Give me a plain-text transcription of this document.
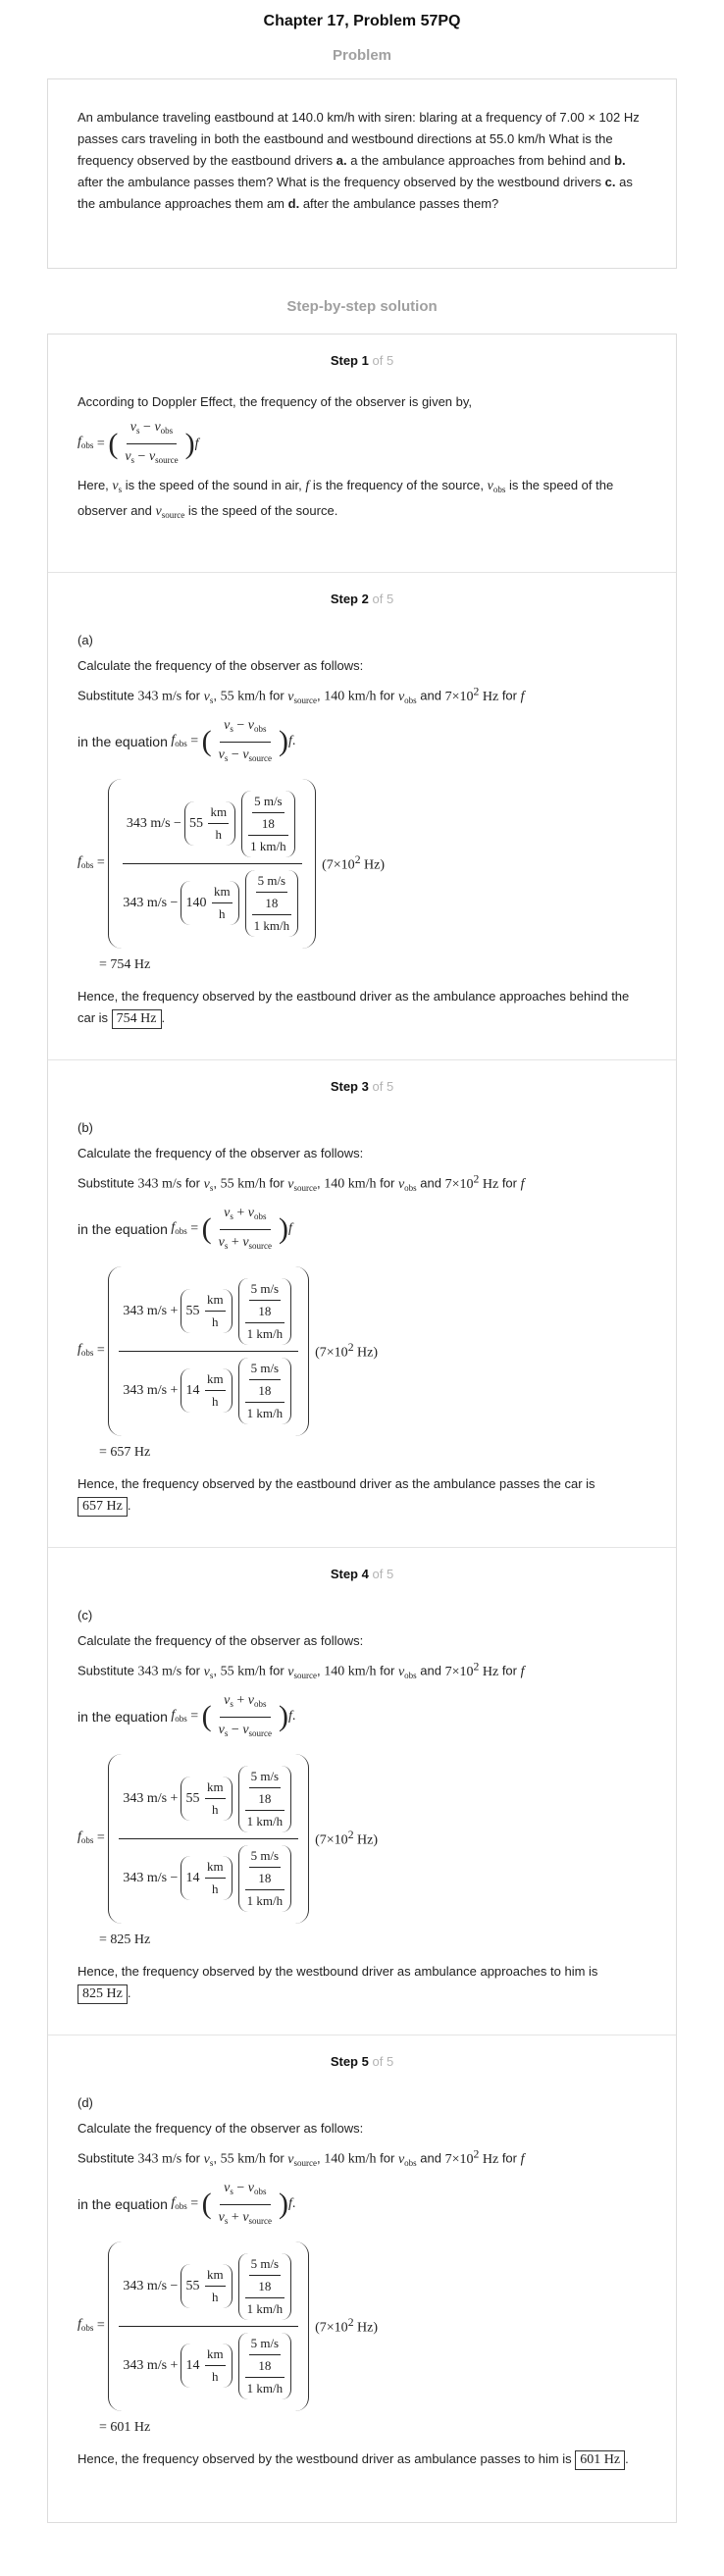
Chapter 17, Problem 57PQ
Problem
An ambulance traveling eastbound at 140.0 km/h with siren: blaring at a frequency of 7.00 × 102 Hz passes cars traveling in both the eastbound and westbound directions at 55.0 km/h What is the frequency observed by the eastbound drivers a. a the ambulance approaches from behind and b. after the ambulance passes them? What is the frequency observed by the westbound drivers c. as the ambulance approaches them am d. after the ambulance passes them?
Step-by-step solution
Step 1 of 5
According to Doppler Effect, the frequency of the observer is given by,
$f_{obs}$ = ( $\frac{v_s - v_{obs}}{v_s - v_{source}}$ ) f
Here, $v_s$ is the speed of the sound in air, f is the frequency of the source, $v_{obs}$ is the speed of the observer and $v_{source}$ is the speed of the source.
Step 2 of 5
(a)
Calculate the frequency of the observer as follows:
Substitute 343 m/s for $v_s$, 55 km/h for $v_{source}$, 140 km/h for $v_{obs}$ and $7\times 10^2$ Hz for f
in the equation
$f_{obs}$ = ( $\frac{v_s - v_{obs}}{v_s - v_{source}}$ ) f .
$f_{obs}$ =
343 m/s
− 55

km
h $\frac{5 m/s}{18}$
1 km/h
343 m/s
− 140

km
h $\frac{5 m/s}{18}$
1 km/h
($7\times 10^2$ Hz)
= 754 Hz
Hence, the frequency observed by the eastbound driver as the ambulance approaches behind the car is 754 Hz .
Step 3 of 5
(b)
Calculate the frequency of the observer as follows:
Substitute 343 m/s for $v_s$, 55 km/h for $v_{source}$, 140 km/h for $v_{obs}$ and $7\times 10^2$ Hz for f
in the equation
$f_{obs}$ = ( $\frac{v_s + v_{obs}}{v_s + v_{source}}$ ) f
$f_{obs}$ =
343 m/s
+ 55

km
h $\frac{5 m/s}{18}$
1 km/h
343 m/s
+ 14

km
h $\frac{5 m/s}{18}$
1 km/h
($7\times 10^2$ Hz)
= 657 Hz
Hence, the frequency observed by the eastbound driver as the ambulance passes the car is 657 Hz .
Step 4 of 5
(c)
Calculate the frequency of the observer as follows:
Substitute 343 m/s for $v_s$, 55 km/h for $v_{source}$, 140 km/h for $v_{obs}$ and $7\times 10^2$ Hz for f
in the equation
$f_{obs}$ = ( $\frac{v_s + v_{obs}}{v_s - v_{source}}$ ) f .
$f_{obs}$ =
343 m/s
+ 55

km
h $\frac{5 m/s}{18}$
1 km/h
343 m/s
− 14

km
h $\frac{5 m/s}{18}$
1 km/h
($7\times 10^2$ Hz)
= 825 Hz
Hence, the frequency observed by the westbound driver as ambulance approaches to him is 825 Hz .
Step 5 of 5
(d)
Calculate the frequency of the observer as follows:
Substitute 343 m/s for $v_s$, 55 km/h for $v_{source}$, 140 km/h for $v_{obs}$ and $7\times 10^2$ Hz for f
in the equation
$f_{obs}$ = ( $\frac{v_s - v_{obs}}{v_s + v_{source}}$ ) f .
$f_{obs}$ =
343 m/s
− 55

km
h $\frac{5 m/s}{18}$
1 km/h
343 m/s
+ 14

km
h $\frac{5 m/s}{18}$
1 km/h
($7\times 10^2$ Hz)
= 601 Hz
Hence, the frequency observed by the westbound driver as ambulance passes to him is 601 Hz .
